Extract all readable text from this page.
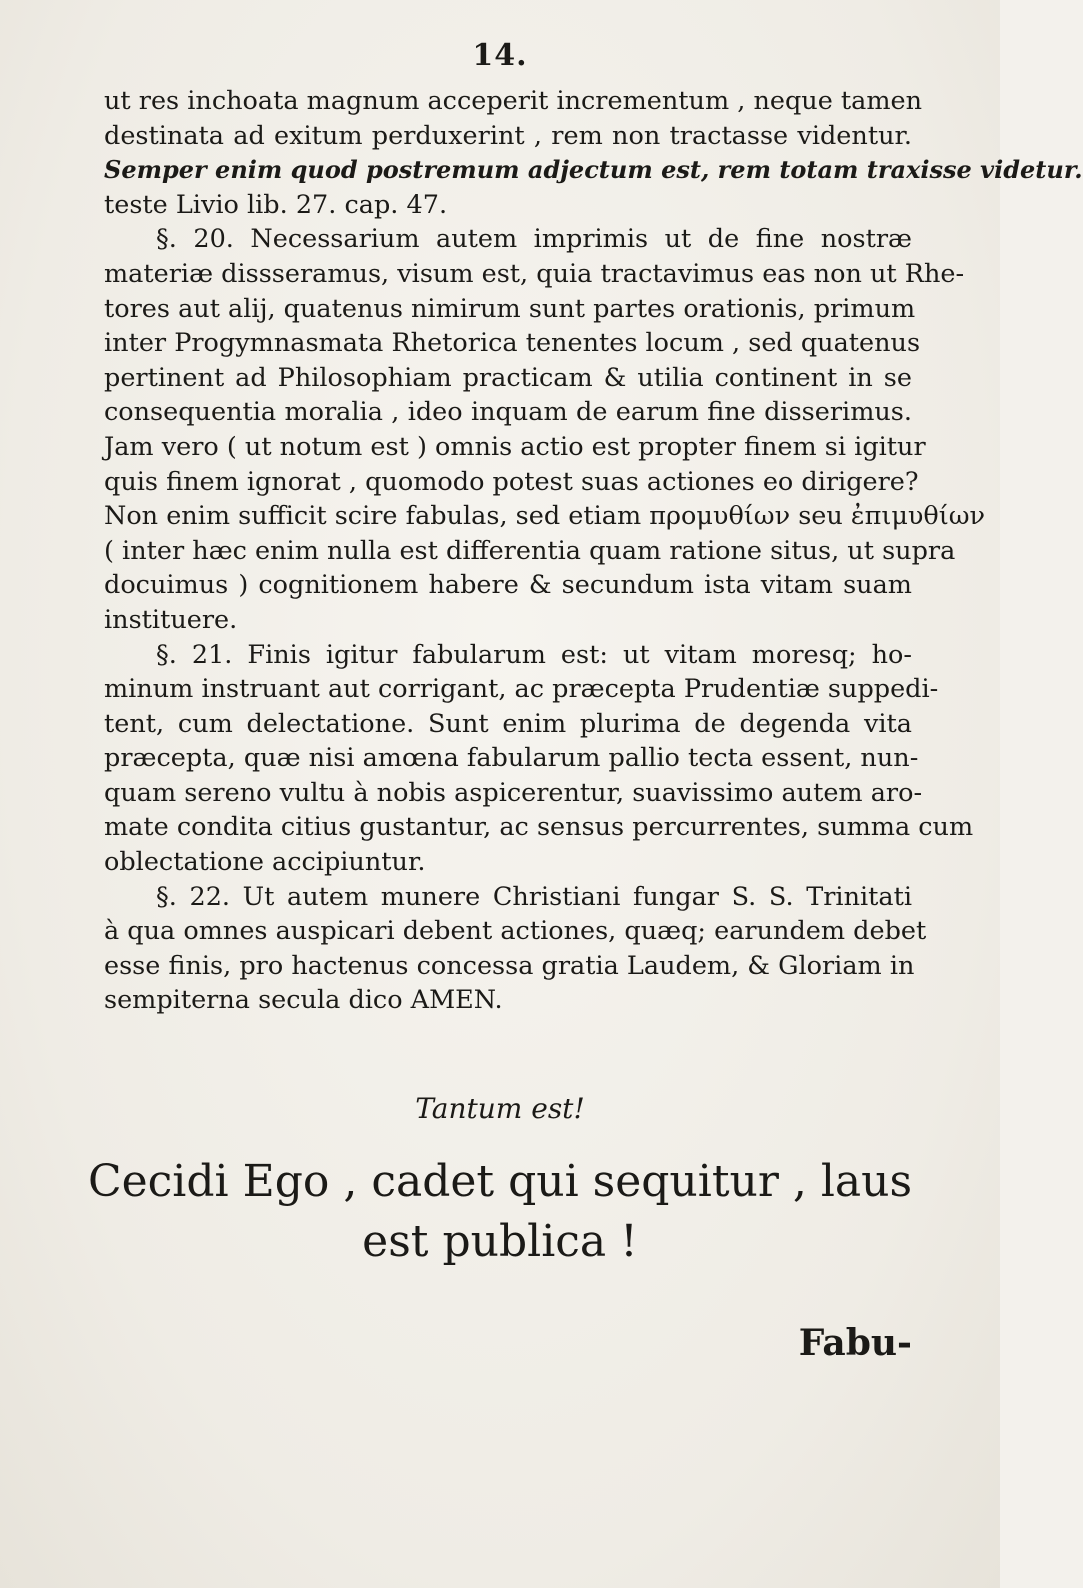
14.
ut res inchoata magnum acceperit incrementum , neque tamen
destinata ad exitum perduxerint , rem non tractasse videntur.
Semper enim quod postremum adjectum est, rem totam traxisse videtur.
teste Livio lib. 27. cap. 47.
§. 20. Necessarium autem imprimis ut de fine nostræ
materiæ dissseramus, visum est, quia tractavimus eas non ut Rhe-
tores aut alij, quatenus nimirum sunt partes orationis, primum
inter Progymnasmata Rhetorica tenentes locum , sed quatenus
pertinent ad Philosophiam practicam & utilia continent in se
consequentia moralia , ideo inquam de earum fine disserimus.
Jam vero ( ut notum est ) omnis actio est propter finem si igitur
quis finem ignorat , quomodo potest suas actiones eo dirigere?
Non enim sufficit scire fabulas, sed etiam προμυθίων seu ἐπιμυθίων
( inter hæc enim nulla est differentia quam ratione situs, ut supra
docuimus ) cognitionem habere & secundum ista vitam suam
instituere.
§. 21. Finis igitur fabularum est: ut vitam moresq; ho-
minum instruant aut corrigant, ac præcepta Prudentiæ suppedi-
tent, cum delectatione. Sunt enim plurima de degenda vita
præcepta, quæ nisi amœna fabularum pallio tecta essent, nun-
quam sereno vultu à nobis aspicerentur, suavissimo autem aro-
mate condita citius gustantur, ac sensus percurrentes, summa cum
oblectatione accipiuntur.
§. 22. Ut autem munere Christiani fungar S. S. Trinitati
à qua omnes auspicari debent actiones, quæq; earundem debet
esse finis, pro hactenus concessa gratia Laudem, & Gloriam in
sempiterna secula dico AMEN.
Tantum est!
Cecidi Ego , cadet qui sequitur , laus
est publica !
Fabu-
